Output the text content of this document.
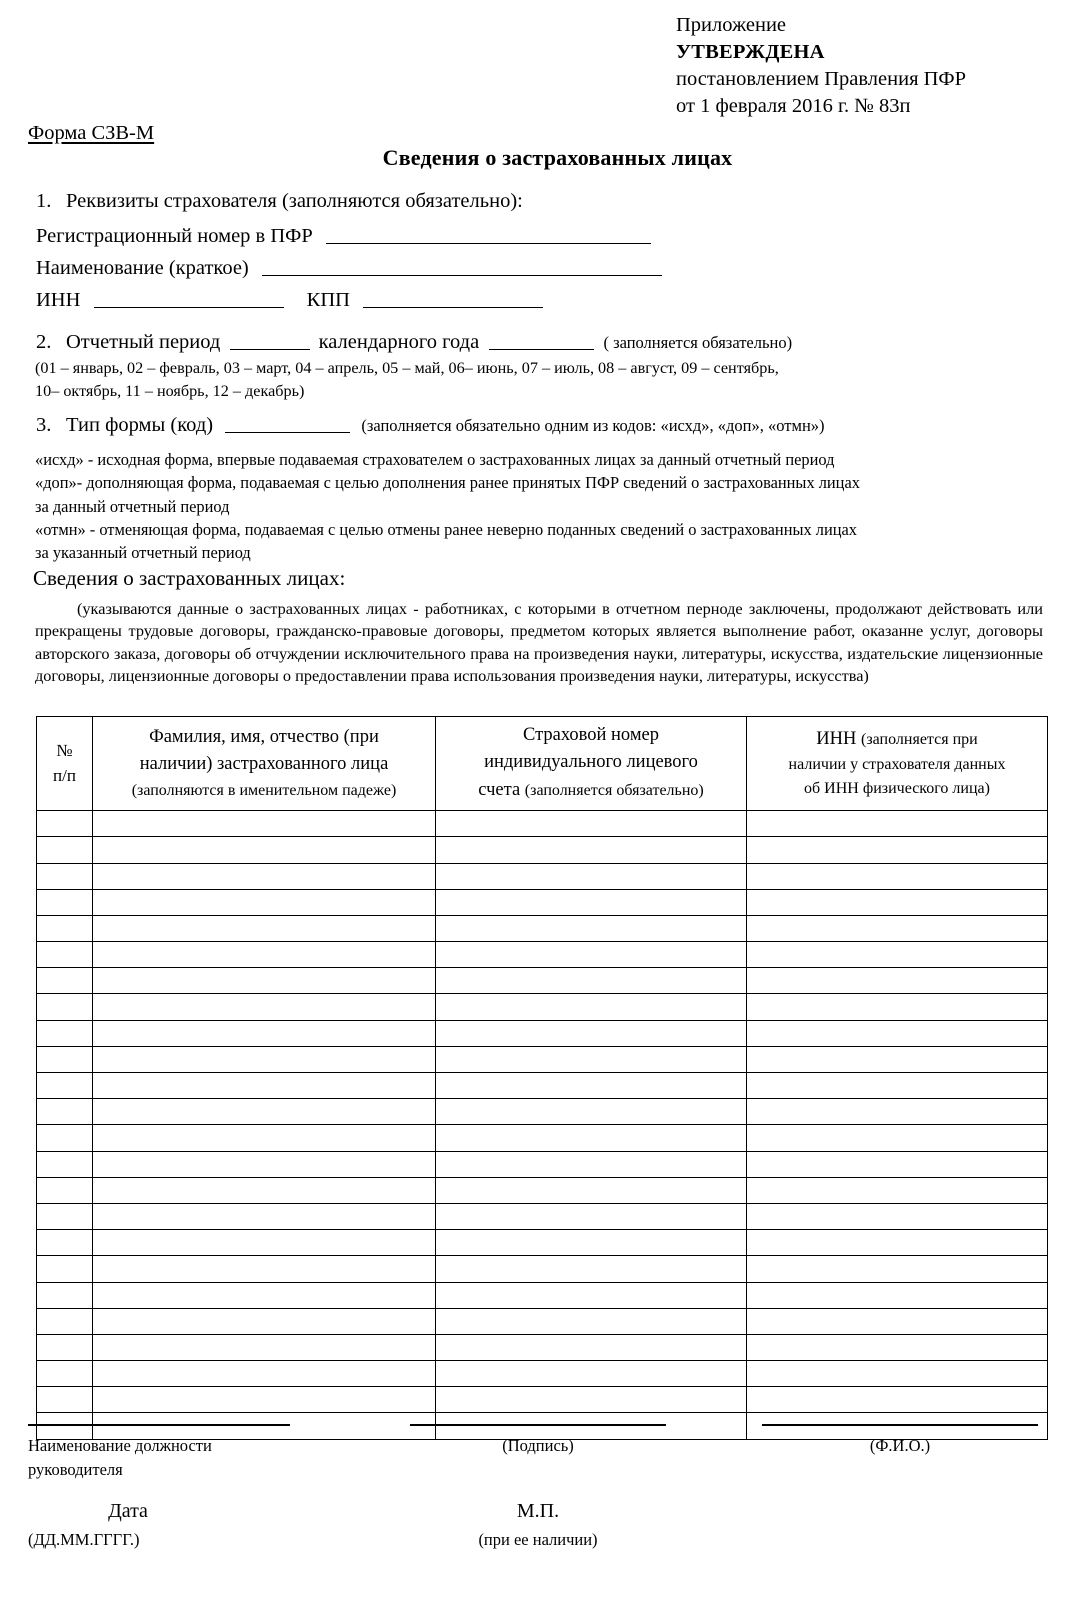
Приложение
УТВЕРЖДЕНА
постановлением Правления ПФР
от 1 февраля 2016 г. № 83п
Форма СЗВ-М
Сведения о застрахованных лицах
1. Реквизиты страхователя (заполняются обязательно):
Регистрационный номер в ПФР
Наименование (краткое)
ИНН	КПП
2. Отчетный период	календарного года	( заполняется обязательно)
(01 – январь, 02 – февраль, 03 – март, 04 – апрель, 05 – май, 06– июнь, 07 – июль, 08 – август, 09 – сентябрь,
10– октябрь, 11 – ноябрь, 12 – декабрь)
3. Тип формы (код)	(заполняется обязательно одним из кодов: «исхд», «доп», «отмн»)
«исхд» - исходная форма, впервые подаваемая страхователем о застрахованных лицах за данный отчетный период
«доп»- дополняющая форма, подаваемая с целью дополнения ранее принятых ПФР сведений о застрахованных лицах
за данный отчетный период
«отмн» - отменяющая форма, подаваемая с целью отмены ранее неверно поданных сведений о застрахованных лицах
за указанный отчетный период
Сведения о застрахованных лицах:
(указываются данные о застрахованных лицах - работниках, с которыми в отчетном пернодe заключены, продолжают действовать или прекращены трудовые договоры, гражданско-правовые договоры, предметом которых является выполнение работ, оказанне услуг, договоры авторского заказа, договоры об отчуждении исключительного права на произведения науки, литературы, искусства, издательские лицензионные договоры, лицензионные договоры о предоставлении права использования произведения науки, литературы, искусства)
№
п/п

Фамилия, имя, отчество (при
наличии) застрахованного лица
(заполняются в именительном падеже)

Страховой номер
индивидуального лицевого
счета (заполняется обязательно)

ИНН (заполняется при
наличии у страхователя данных
об ИНН физического лица)

Наименование должности
руководителя
(Подпись)	(Ф.И.О.)
Дата
(ДД.ММ.ГГГГ.)
М.П.
(при ее наличии)
